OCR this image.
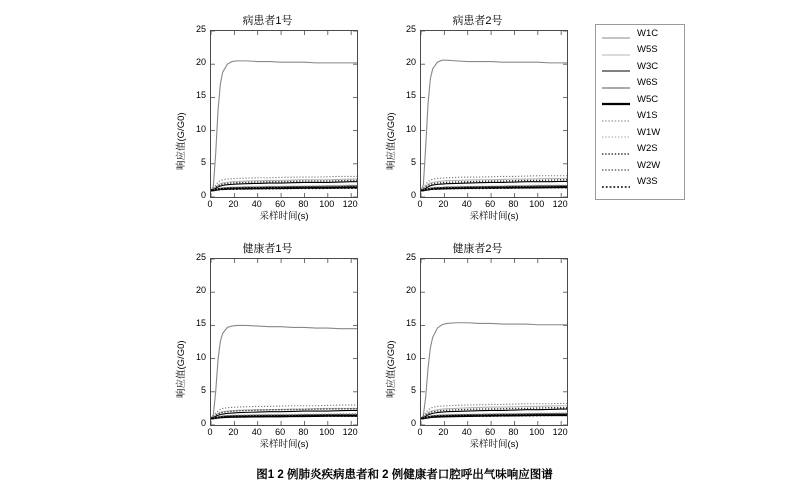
病患者1号
响应值(G/G0)
采样时间(s)
0
5
10
15
20
25
0	20	40	60	80	100 120
病患者2号
响应值(G/G0)
采样时间(s)
0
5
10
15
20
25
0	20	40	60	80	100 120
健康者1号
响应值(G/G0)
采样时间(s)
0
5
10
15
20
25
0	20	40	60	80	100 120
健康者2号
响应值(G/G0)
采样时间(s)
0
5
10
15
20
25
0	20	40	60	80	100 120
W1C
W5S
W3C
W6S
W5C
W1S
W1W
W2S
W2W
W3S
图1 2 例肺炎疾病患者和 2 例健康者口腔呼出气味响应图谱
